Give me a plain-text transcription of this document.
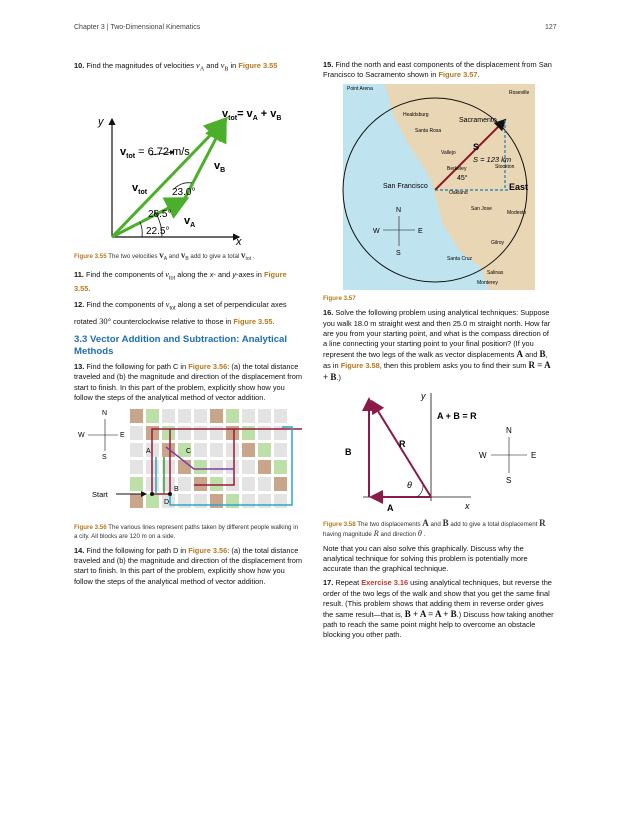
Chapter 3 | Two-Dimensional Kinematics	127

10. Find the magnitudes of velocities $v_A$ and $v_B$ in Figure 3.55

y
x
$v_{tot} = 6.72$ m/s
$v_{tot}= v_A + v_B$
$v_{tot}$
$v_B$
$v_A$
23.0°
26.5°
22.5°
Figure 3.55 The two velocities $v_A$ and $v_B$ add to give a total $v_{tot}$ .

11. Find the components of $v_{tot}$ along the x- and y-axes in Figure 3.55.

12. Find the components of $v_{tot}$ along a set of perpendicular axes rotated 30° counterclockwise relative to those in Figure 3.55.

3.3 Vector Addition and Subtraction: Analytical Methods

13. Find the following for path C in Figure 3.56: (a) the total distance traveled and (b) the magnitude and direction of the displacement from start to finish. In this part of the problem, explicitly show how you follow the steps of the analytical method of vector addition.

N
W	E
S
Start
A
B
C
D
Figure 3.56 The various lines represent paths taken by different people walking in a city. All blocks are 120 m on a side.

14. Find the following for path D in Figure 3.56: (a) the total distance traveled and (b) the magnitude and direction of the displacement from start to finish. In this part of the problem, explicitly show how you follow the steps of the analytical method of vector addition.

15. Find the north and east components of the displacement from San Francisco to Sacramento shown in Figure 3.57.

Point Arena
Healdsburg
Santa Rosa
Sacramento
Vallejo
Berkeley	Stockton
San Francisco
Oakland
San Jose
Modesto
Gilroy
Santa Cruz
Salinas
Monterey
Roseville
S
S = 123 km
45°
East
N
W	E
S
Figure 3.57

16. Solve the following problem using analytical techniques: Suppose you walk 18.0 m straight west and then 25.0 m straight north. How far are you from your starting point, and what is the compass direction of a line connecting your starting point to your final position? (If you represent the two legs of the walk as vector displacements A and B, as in Figure 3.58, then this problem asks you to find their sum R = A + B.)

y
x
θ
A + B = R
R
B
A
N
W	E
S
Figure 3.58 The two displacements A and B add to give a total displacement R having magnitude R and direction θ .

Note that you can also solve this graphically. Discuss why the analytical technique for solving this problem is potentially more accurate than the graphical technique.

17. Repeat Exercise 3.16 using analytical techniques, but reverse the order of the two legs of the walk and show that you get the same final result. (This problem shows that adding them in reverse order gives the same result—that is, B + A = A + B.) Discuss how taking another path to reach the same point might help to overcome an obstacle blocking you other path.
